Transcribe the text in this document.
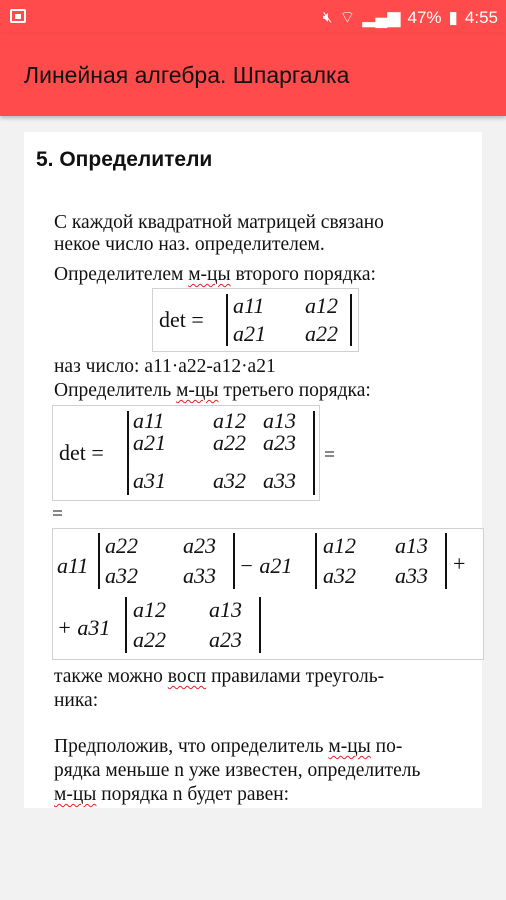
🔇︎ ⌔ ▂▄▆ 47% ▮ 4:55
Линейная алгебра. Шпаргалка
5. Определители
С каждой квадратной матрицей связано
некое число наз. определителем.
Определителем м-цы второго порядка:
det =
a11 a12
a21 a22
наз число: a11·a22-a12·a21
Определитель м-цы третьего порядка:
det =
a11 a12 a13
a21 a22 a23
a31 a32 a33
=
=
a11
a22 a23
a32 a33 − a21
a12 a13
a32 a33 +
+ a31
a12 a13
a22 a23
также можно восп правилами треуголь-
ника:
Предположив, что определитель м-цы по-
рядка меньше n уже известен, определитель
м-цы порядка n будет равен:
